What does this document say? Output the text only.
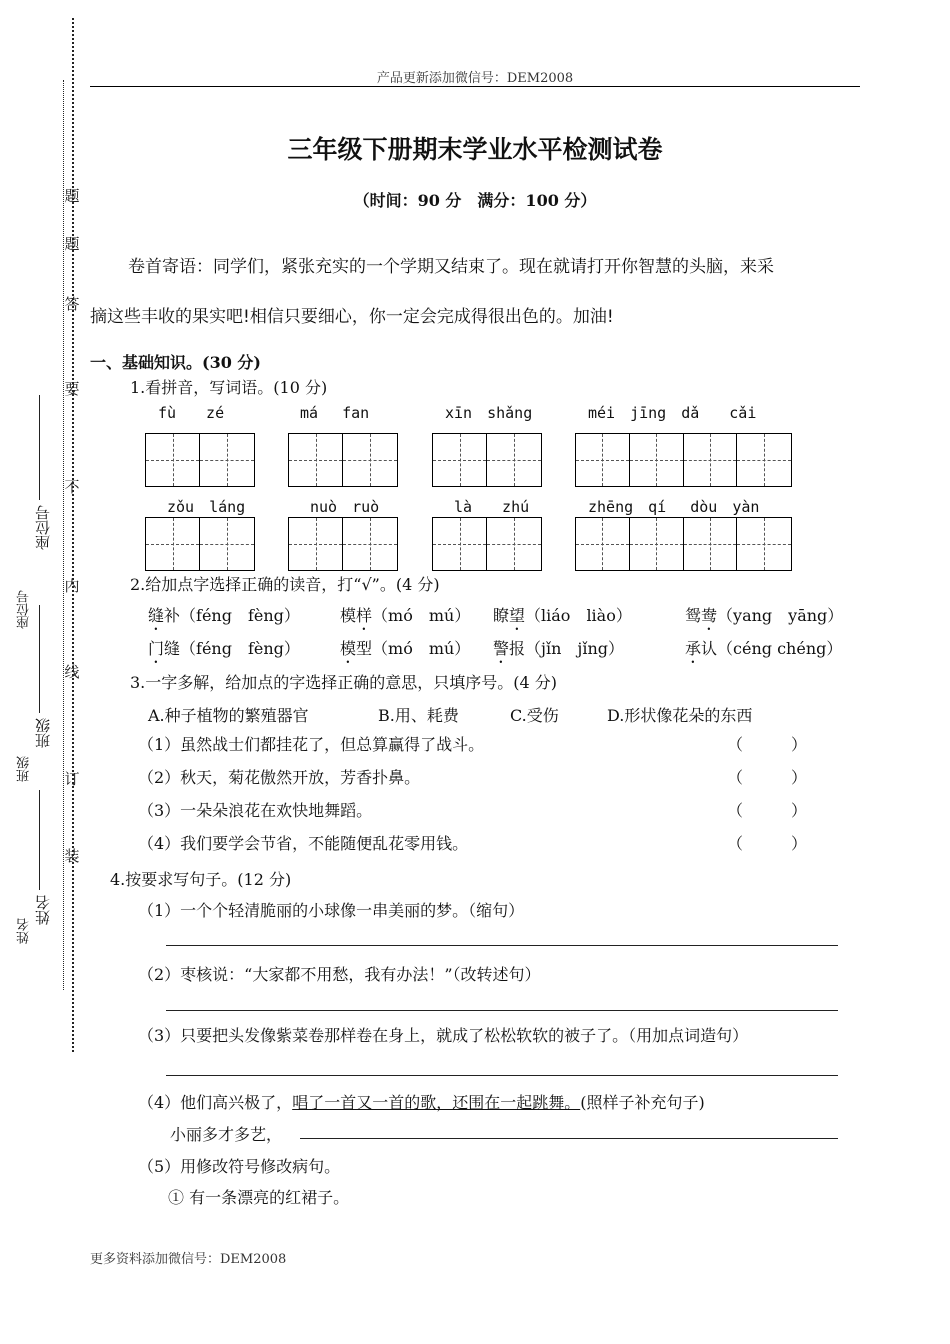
题
题
答
要
不
内
线
订
装
座位号
座位号
班级
班级
姓名
姓名
产品更新添加微信号：DEM2008
三年级下册期末学业水平检测试卷
（时间：90 分　满分：100 分）
卷首寄语：同学们，紧张充实的一个学期又结束了。现在就请打开你智慧的头脑，来采
摘这些丰收的果实吧!相信只要细心，你一定会完成得很出色的。加油!
一、基础知识。(30 分)
1.看拼音，写词语。(10 分)
fù　　zé	má　 fan	xīn　shǎng	méi　jīng　dǎ　　cǎi
zǒu　láng	nuò　ruò	là　　zhú	zhēng　qí　 dòu　yàn
2.给加点字选择正确的读音，打“√”。(4 分)
缝补（féng　fèng）	模样（mó　mú） 瞭望（liáo　liào）	鸳鸯（yang　yāng）
门缝（féng　fèng）	模型（mó　mú） 警报（jǐn　jǐng）	承认（céng chéng）
3.一字多解，给加点的字选择正确的意思，只填序号。(4 分)
A.种子植物的繁殖器官	B.用、耗费	C.受伤	D.形状像花朵的东西
（1）虽然战士们都挂花了，但总算赢得了战斗。	（　　　）
（2）秋天，菊花傲然开放，芳香扑鼻。	（　　　）
（3）一朵朵浪花在欢快地舞蹈。	（　　　）
（4）我们要学会节省，不能随便乱花零用钱。	（　　　）
4.按要求写句子。(12 分)
（1）一个个轻清脆丽的小球像一串美丽的梦。（缩句）
（2）枣核说：“大家都不用愁，我有办法！”（改转述句）
（3）只要把头发像紫菜卷那样卷在身上，就成了松松软软的被子了。（用加点词造句）
（4）他们高兴极了，唱了一首又一首的歌，还围在一起跳舞。(照样子补充句子)
小丽多才多艺，
（5）用修改符号修改病句。
① 有一条漂亮的红裙子。
更多资料添加微信号：DEM2008
